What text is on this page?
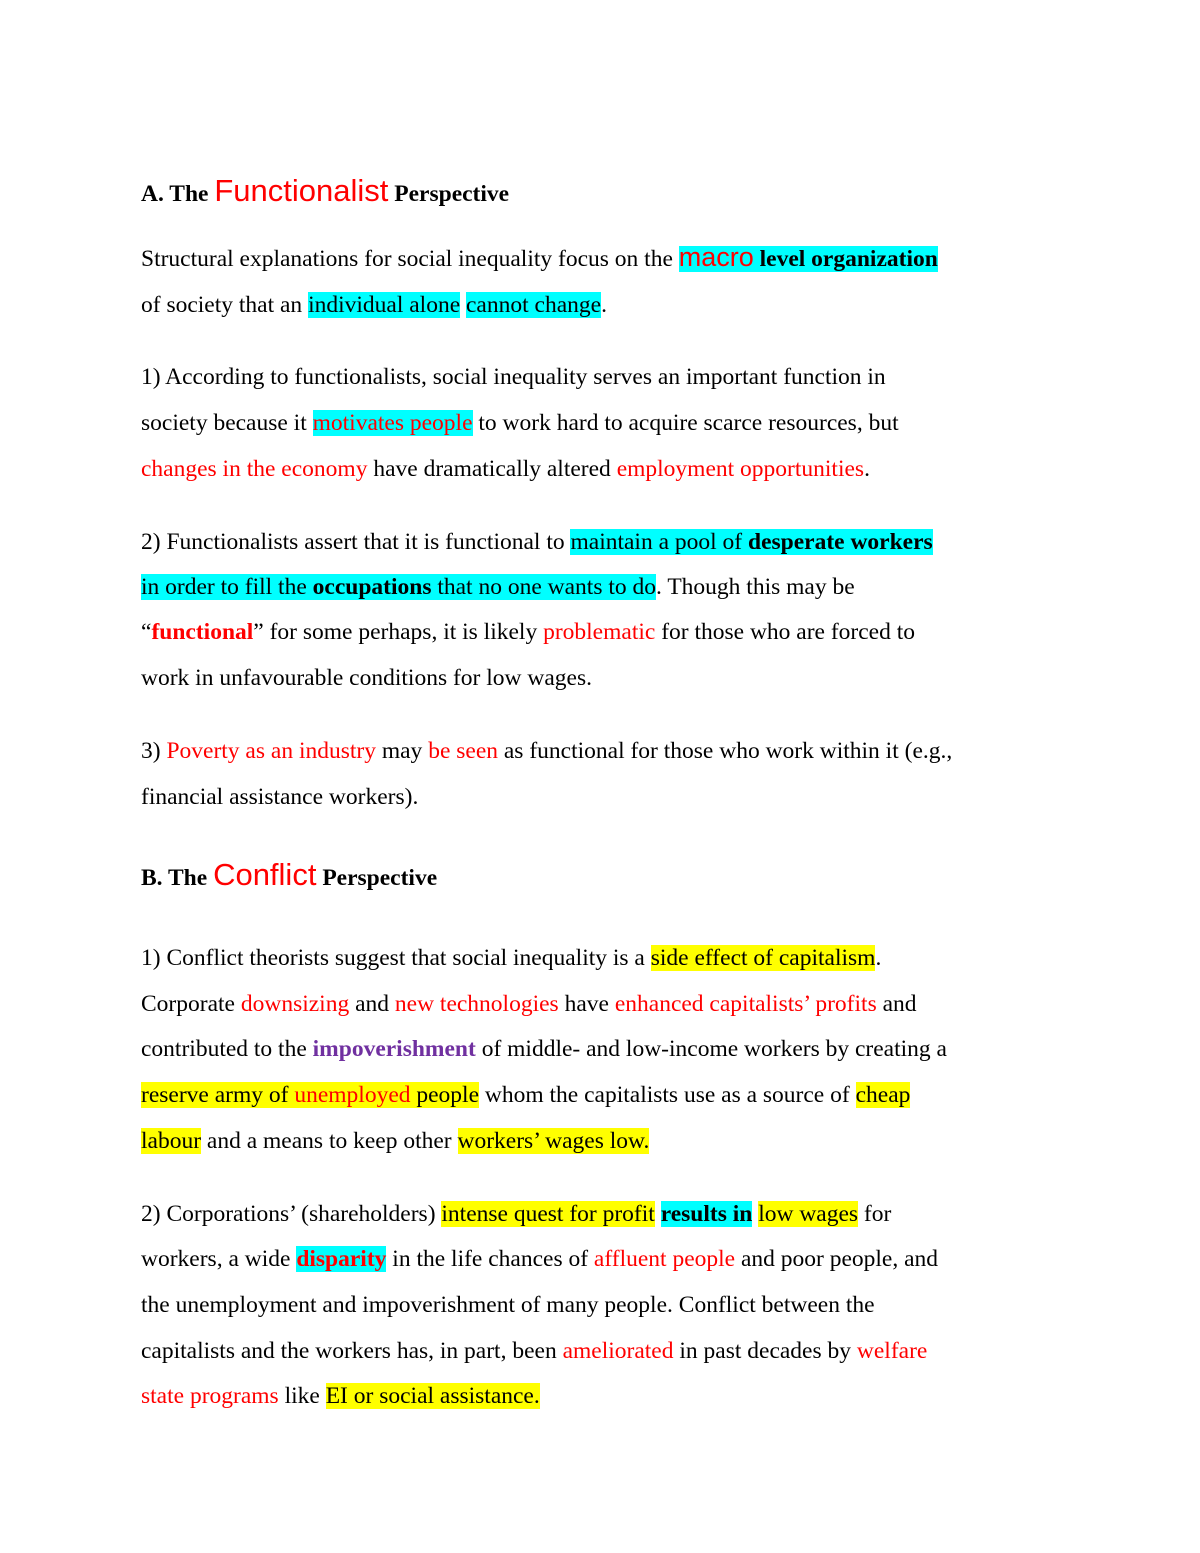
A. The Functionalist Perspective
Structural explanations for social inequality focus on the macro level organization
of society that an individual alone cannot change.
1) According to functionalists, social inequality serves an important function in
society because it motivates people to work hard to acquire scarce resources, but
changes in the economy have dramatically altered employment opportunities.
2) Functionalists assert that it is functional to maintain a pool of desperate workers
in order to fill the occupations that no one wants to do. Though this may be
“functional” for some perhaps, it is likely problematic for those who are forced to
work in unfavourable conditions for low wages.
3) Poverty as an industry may be seen as functional for those who work within it (e.g.,
financial assistance workers).
B. The Conflict Perspective
1) Conflict theorists suggest that social inequality is a side effect of capitalism.
Corporate downsizing and new technologies have enhanced capitalists’ profits and
contributed to the impoverishment of middle- and low-income workers by creating a
reserve army of unemployed people whom the capitalists use as a source of cheap
labour and a means to keep other workers’ wages low.
2) Corporations’ (shareholders) intense quest for profit results in low wages for
workers, a wide disparity in the life chances of affluent people and poor people, and
the unemployment and impoverishment of many people. Conflict between the
capitalists and the workers has, in part, been ameliorated in past decades by welfare
state programs like EI or social assistance.
